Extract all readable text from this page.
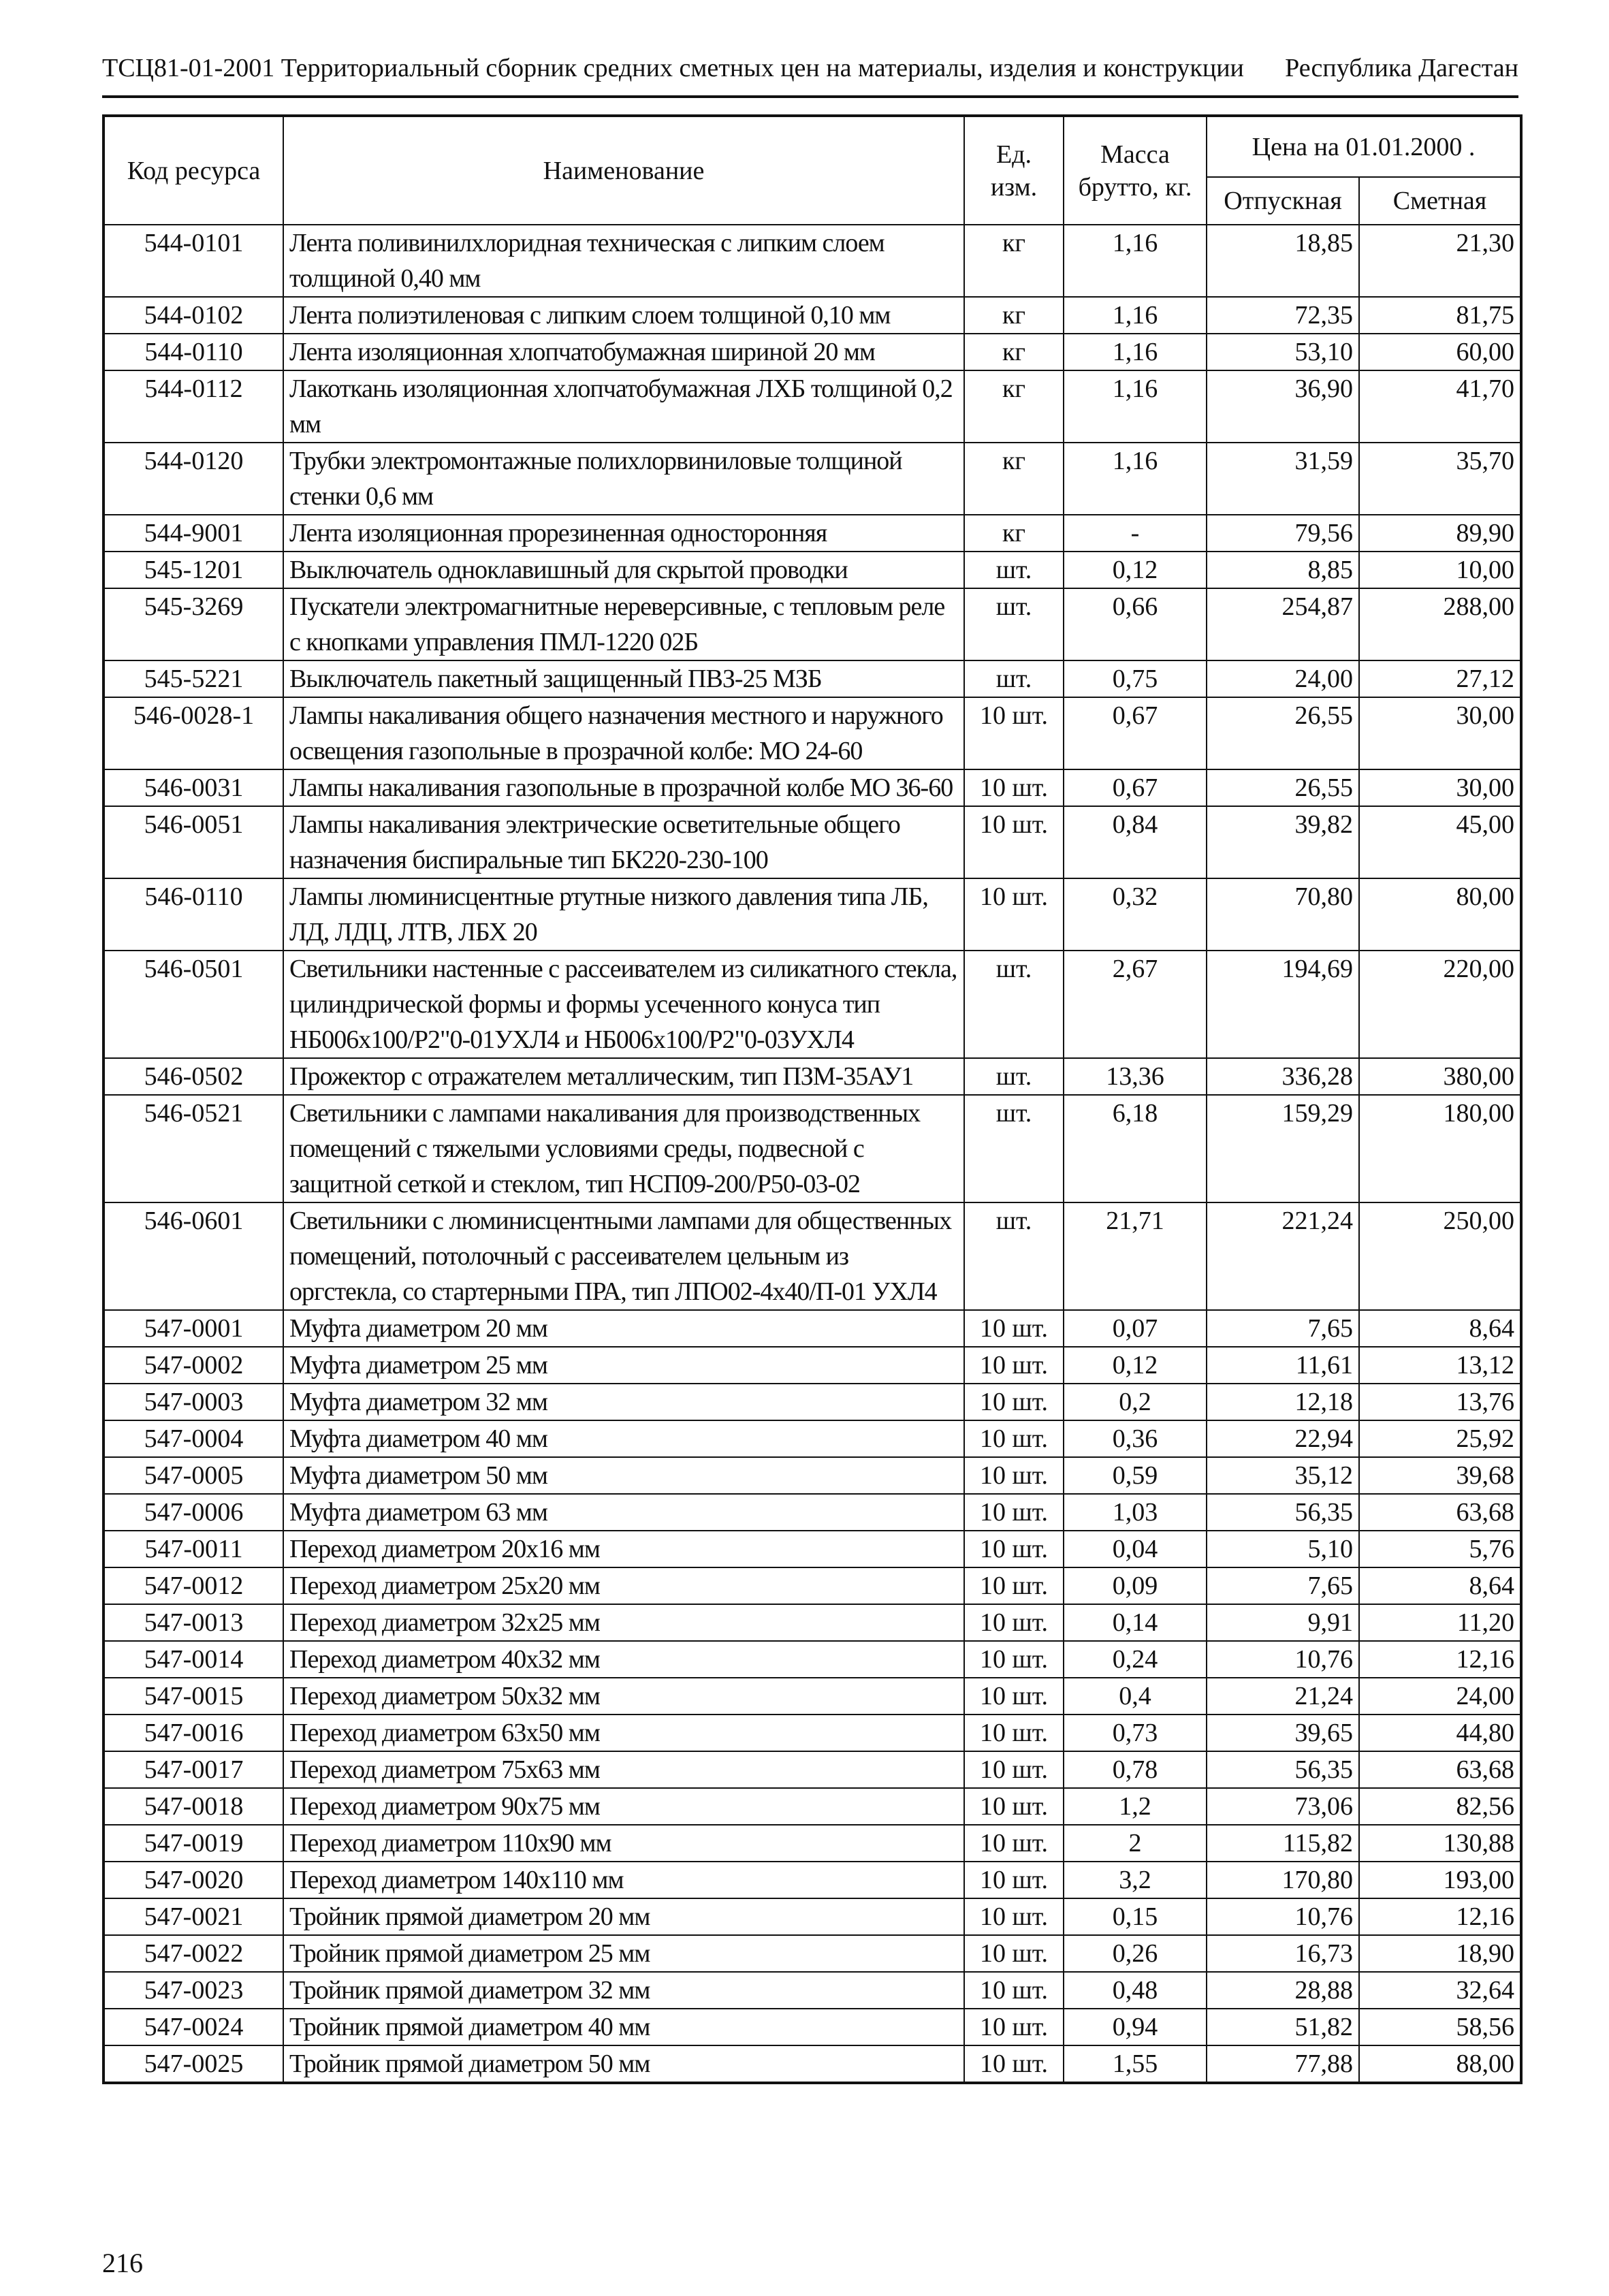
ТСЦ81-01-2001 Территориальный сборник средних сметных цен на материалы, изделия и конструкции Республика Дагестан
Код ресурса	Наименование	Ед. изм.	Масса брутто, кг.	Цена на 01.01.2000 .	
				Отпускная	Сметная
544-0101	Лента поливинилхлоридная техническая с липким слоем толщиной 0,40 мм	кг	1,16	18,85	21,30
544-0102	Лента полиэтиленовая с липким слоем толщиной 0,10 мм	кг	1,16	72,35	81,75
544-0110	Лента изоляционная хлопчатобумажная шириной 20 мм	кг	1,16	53,10	60,00
544-0112	Лакоткань изоляционная хлопчатобумажная ЛХБ толщиной 0,2 мм	кг	1,16	36,90	41,70
544-0120	Трубки электромонтажные полихлорвиниловые толщиной стенки 0,6 мм	кг	1,16	31,59	35,70
544-9001	Лента изоляционная прорезиненная односторонняя	кг	-	79,56	89,90
545-1201	Выключатель одноклавишный для скрытой проводки	шт.	0,12	8,85	10,00
545-3269	Пускатели электромагнитные нереверсивные, с тепловым реле с кнопками управления ПМЛ-1220 02Б	шт.	0,66	254,87	288,00
545-5221	Выключатель пакетный защищенный ПВЗ-25 МЗБ	шт.	0,75	24,00	27,12
546-0028-1	Лампы накаливания общего назначения местного и наружного освещения газопольные в прозрачной колбе: МО 24-60	10 шт.	0,67	26,55	30,00
546-0031	Лампы накаливания газопольные в прозрачной колбе МО 36-60	10 шт.	0,67	26,55	30,00
546-0051	Лампы накаливания электрические осветительные общего назначения биспиральные тип БК220-230-100	10 шт.	0,84	39,82	45,00
546-0110	Лампы люминисцентные ртутные низкого давления типа ЛБ, ЛД, ЛДЦ, ЛТВ, ЛБХ 20	10 шт.	0,32	70,80	80,00
546-0501	Светильники настенные с рассеивателем из силикатного стекла, цилиндрической формы и формы усеченного конуса тип НБ006х100/Р2"0-01УХЛ4 и НБ006х100/Р2"0-03УХЛ4	шт.	2,67	194,69	220,00
546-0502	Прожектор с отражателем металлическим, тип ПЗМ-35АУ1	шт.	13,36	336,28	380,00
546-0521	Светильники с лампами накаливания для производственных помещений с тяжелыми условиями среды, подвесной с защитной сеткой и стеклом, тип НСП09-200/Р50-03-02	шт.	6,18	159,29	180,00
546-0601	Светильники с люминисцентными лампами для общественных помещений, потолочный с рассеивателем цельным из оргстекла, со стартерными ПРА, тип ЛПО02-4х40/П-01 УХЛ4	шт.	21,71	221,24	250,00
547-0001	Муфта диаметром 20 мм	10 шт.	0,07	7,65	8,64
547-0002	Муфта диаметром 25 мм	10 шт.	0,12	11,61	13,12
547-0003	Муфта диаметром 32 мм	10 шт.	0,2	12,18	13,76
547-0004	Муфта диаметром 40 мм	10 шт.	0,36	22,94	25,92
547-0005	Муфта диаметром 50 мм	10 шт.	0,59	35,12	39,68
547-0006	Муфта диаметром 63 мм	10 шт.	1,03	56,35	63,68
547-0011	Переход диаметром 20х16 мм	10 шт.	0,04	5,10	5,76
547-0012	Переход диаметром 25х20 мм	10 шт.	0,09	7,65	8,64
547-0013	Переход диаметром 32х25 мм	10 шт.	0,14	9,91	11,20
547-0014	Переход диаметром 40х32 мм	10 шт.	0,24	10,76	12,16
547-0015	Переход диаметром 50х32 мм	10 шт.	0,4	21,24	24,00
547-0016	Переход диаметром 63х50 мм	10 шт.	0,73	39,65	44,80
547-0017	Переход диаметром 75х63 мм	10 шт.	0,78	56,35	63,68
547-0018	Переход диаметром 90х75 мм	10 шт.	1,2	73,06	82,56
547-0019	Переход диаметром 110х90 мм	10 шт.	2	115,82	130,88
547-0020	Переход диаметром 140х110 мм	10 шт.	3,2	170,80	193,00
547-0021	Тройник прямой диаметром 20 мм	10 шт.	0,15	10,76	12,16
547-0022	Тройник прямой диаметром 25 мм	10 шт.	0,26	16,73	18,90
547-0023	Тройник прямой диаметром 32 мм	10 шт.	0,48	28,88	32,64
547-0024	Тройник прямой диаметром 40 мм	10 шт.	0,94	51,82	58,56
547-0025	Тройник прямой диаметром 50 мм	10 шт.	1,55	77,88	88,00
216
